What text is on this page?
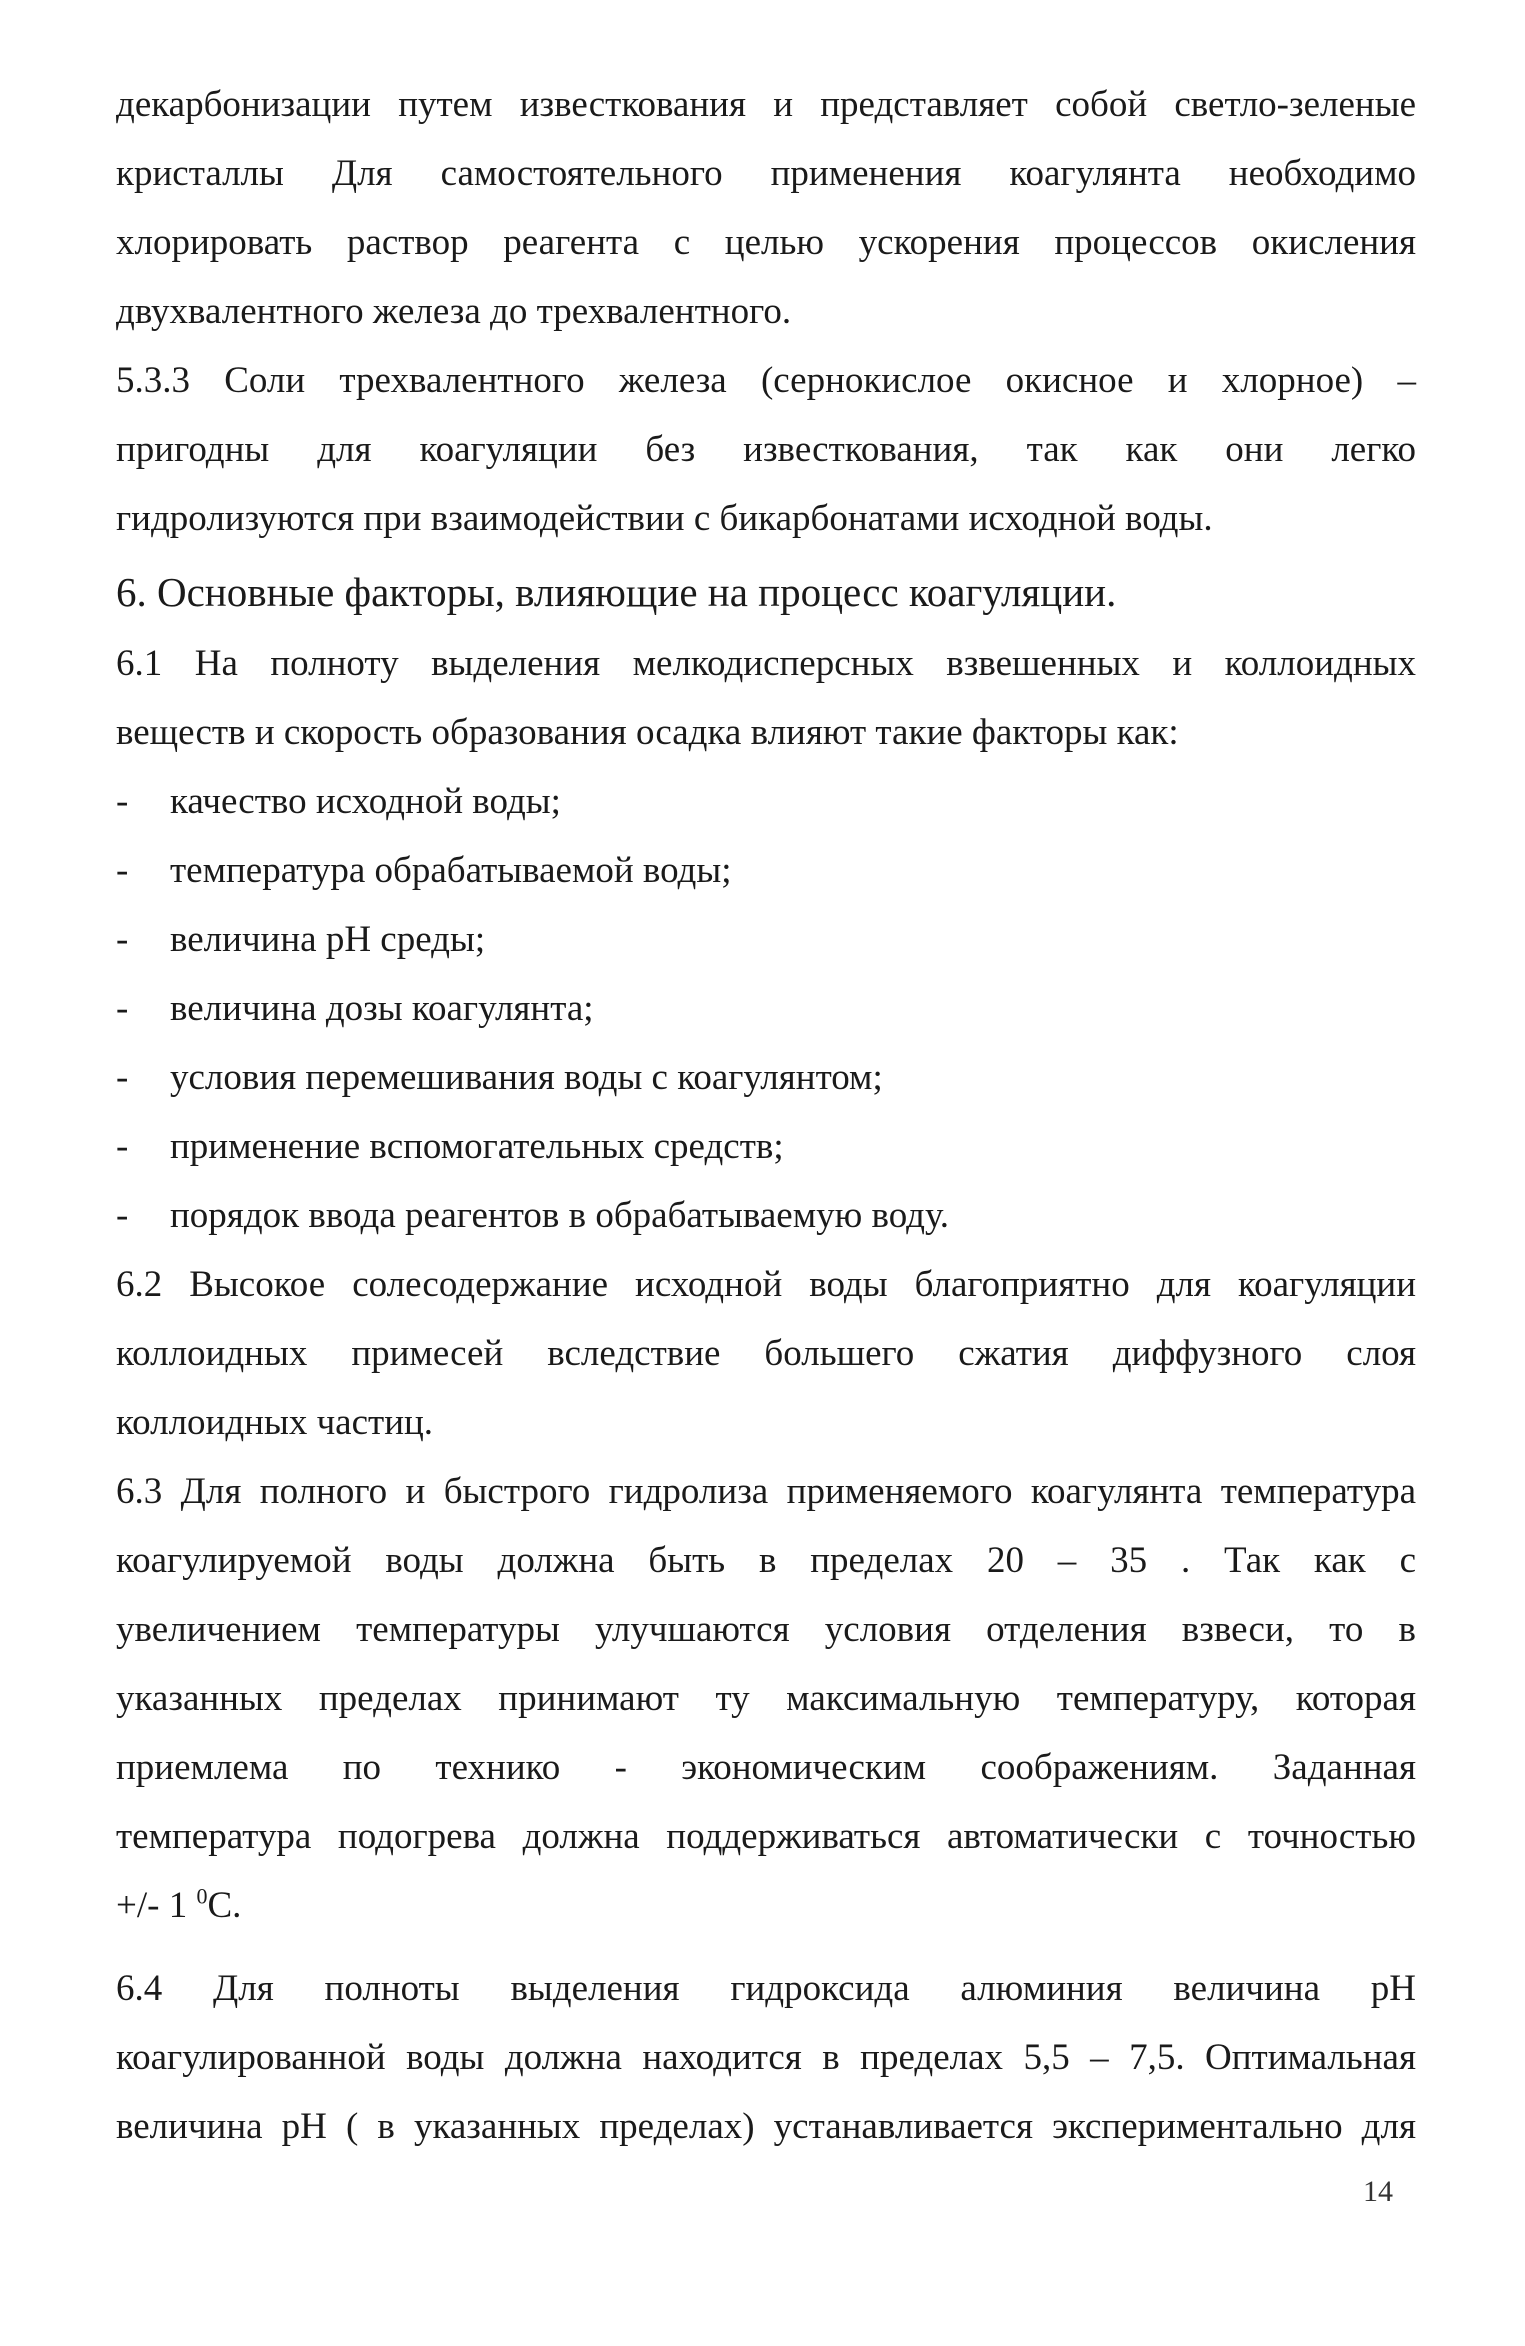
декарбонизации путем известкования и представляет собой светло-зеленые
кристаллы Для самостоятельного применения коагулянта необходимо
хлорировать раствор реагента с целью ускорения процессов окисления
двухвалентного железа до трехвалентного.
5.3.3 Соли трехвалентного железа (сернокислое окисное и хлорное) –
пригодны для коагуляции без известкования, так как они легко
гидролизуются при взаимодействии с бикарбонатами исходной воды.
6. Основные факторы, влияющие на процесс коагуляции.
6.1 На полноту выделения мелкодисперсных взвешенных и коллоидных
веществ и скорость образования осадка влияют такие факторы как:
-	качество исходной воды;
-	температура обрабатываемой воды;
-	величина pH среды;
-	величина дозы коагулянта;
-	условия перемешивания воды с коагулянтом;
-	применение вспомогательных средств;
-	порядок ввода реагентов в обрабатываемую воду.
6.2 Высокое солесодержание исходной воды благоприятно для коагуляции
коллоидных примесей вследствие большего сжатия диффузного слоя
коллоидных частиц.
6.3 Для полного и быстрого гидролиза применяемого коагулянта температура
коагулируемой воды должна быть в пределах 20 – 35 . Так как с
увеличением температуры улучшаются условия отделения взвеси, то в
указанных пределах принимают ту максимальную температуру, которая
приемлема по технико - экономическим соображениям. Заданная
температура подогрева должна поддерживаться автоматически с точностью
+/- 1 $^0$С.
6.4 Для полноты выделения гидроксида алюминия величина pH
коагулированной воды должна находится в пределах 5,5 – 7,5. Оптимальная
величина pH ( в указанных пределах) устанавливается экспериментально для
14
